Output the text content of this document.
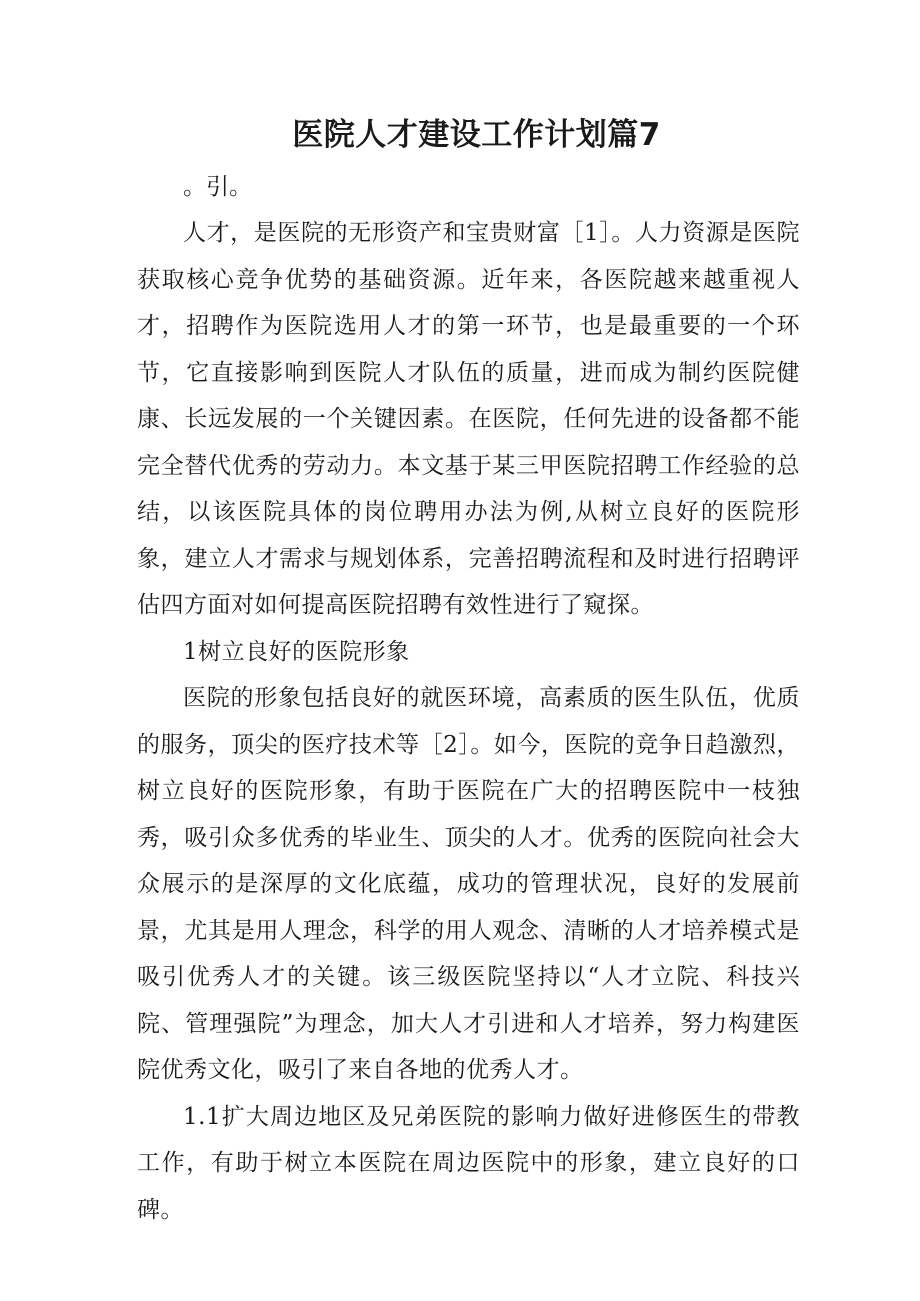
医院人才建设工作计划篇7

。引。

人才，是医院的无形资产和宝贵财富［1］。人力资源是医院获取核心竞争优势的基础资源。近年来，各医院越来越重视人才，招聘作为医院选用人才的第一环节，也是最重要的一个环节，它直接影响到医院人才队伍的质量，进而成为制约医院健康、长远发展的一个关键因素。在医院，任何先进的设备都不能完全替代优秀的劳动力。本文基于某三甲医院招聘工作经验的总结，以该医院具体的岗位聘用办法为例,从树立良好的医院形象，建立人才需求与规划体系，完善招聘流程和及时进行招聘评估四方面对如何提高医院招聘有效性进行了窥探。

1树立良好的医院形象

医院的形象包括良好的就医环境，高素质的医生队伍，优质的服务，顶尖的医疗技术等［2］。如今，医院的竞争日趋激烈，树立良好的医院形象，有助于医院在广大的招聘医院中一枝独秀，吸引众多优秀的毕业生、顶尖的人才。优秀的医院向社会大众展示的是深厚的文化底蕴，成功的管理状况，良好的发展前景，尤其是用人理念，科学的用人观念、清晰的人才培养模式是吸引优秀人才的关键。该三级医院坚持以“人才立院、科技兴院、管理强院”为理念，加大人才引进和人才培养，努力构建医院优秀文化，吸引了来自各地的优秀人才。

1.1扩大周边地区及兄弟医院的影响力做好进修医生的带教工作，有助于树立本医院在周边医院中的形象，建立良好的口碑。
